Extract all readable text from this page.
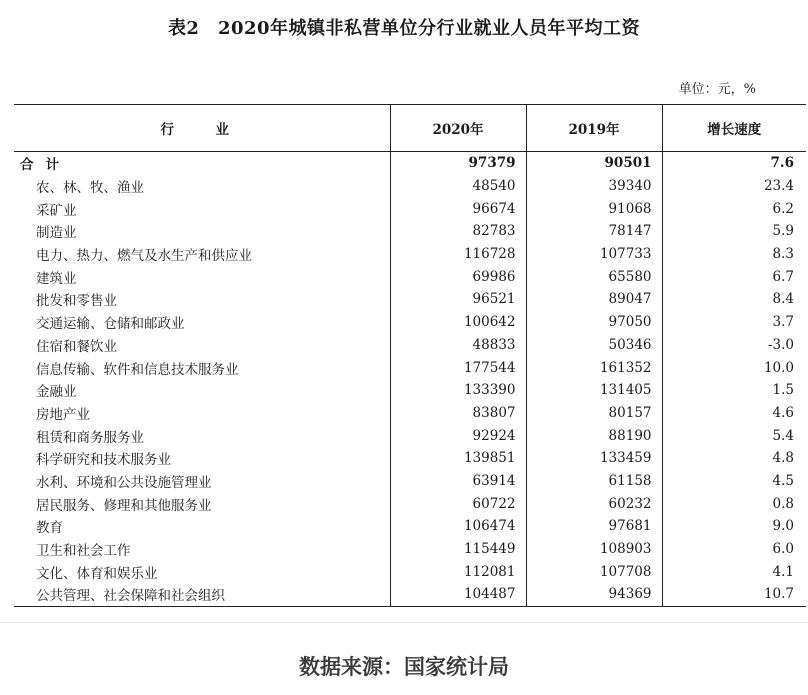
表2　2020年城镇非私营单位分行业就业人员年平均工资
单位：元，%
行　业	2020年	2019年	增长速度
合计	97379	90501	7.6
农、林、牧、渔业	48540	39340	23.4
采矿业	96674	91068	6.2
制造业	82783	78147	5.9
电力、热力、燃气及水生产和供应业	116728	107733	8.3
建筑业	69986	65580	6.7
批发和零售业	96521	89047	8.4
交通运输、仓储和邮政业	100642	97050	3.7
住宿和餐饮业	48833	50346	-3.0
信息传输、软件和信息技术服务业	177544	161352	10.0
金融业	133390	131405	1.5
房地产业	83807	80157	4.6
租赁和商务服务业	92924	88190	5.4
科学研究和技术服务业	139851	133459	4.8
水利、环境和公共设施管理业	63914	61158	4.5
居民服务、修理和其他服务业	60722	60232	0.8
教育	106474	97681	9.0
卫生和社会工作	115449	108903	6.0
文化、体育和娱乐业	112081	107708	4.1
公共管理、社会保障和社会组织	104487	94369	10.7
数据来源：国家统计局
